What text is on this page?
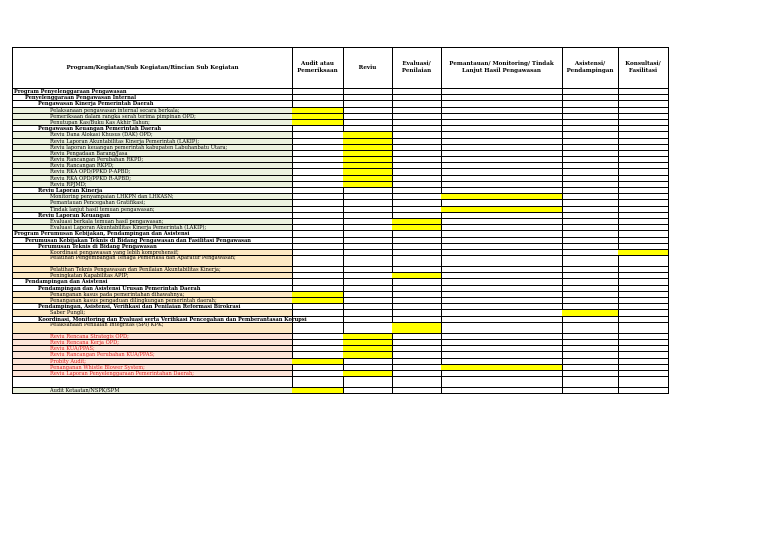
Program/Kegiatan/Sub Kegiatan/Rincian Sub Kegiatan
Audit atau
Pemeriksaan
Reviu
Evaluasi/
Penilaian
Pemantauan/ Monitoring/ Tindak
Lanjut Hasil Pengawasan
Asistensi/
Pendampingan
Konsultasi/
Fasilitasi
Program Penyelenggaraan Pengawasan
Penyelenggaraan Pengawasan Internal
Pengawasan Kinerja Pemerintah Daerah
Pelaksanaan pengawasan internal secara berkala;
Pemeriksaan dalam rangka serah terima pimpinan OPD;
Penutupan Kas/Buku Kas Akhir Tahun;
Pengawasan Keuangan Pemerintah Daerah
Reviu Dana Alokasi Khusus (DAK) OPD;
Reviu Laporan Akuntabilitas Kinerja Pemerintah (LAKIP);
Reviu laporan keuangan pemerintah kabupaten Labuhanbatu Utara;
Reviu Pengadaan Barang/Jasa
Reviu Rancangan Perubahan RKPD;
Reviu Rancangan RKPD;
Reviu RKA OPD/PPKD P-APBD;
Reviu RKA OPD/PPKD R-APBD;
Reviu RPJMD;
Reviu Laporan Kinerja
Monitoring penyampaian LHKPN dan LHKASN;
Pemantauan Pencegahan Gratifikasi;
Tindak lanjut hasil temuan pengawasan;
Reviu Laporan Keuangan
Evaluasi berkala temuan hasil pengawasan;
Evaluasi Laporan Akuntabilitas Kinerja Pemerintah (LAKIP);
Program Perumusan Kebijakan, Pendampingan dan Asistensi
Perumusan Kebijakan Teknis di Bidang Pengawasan dan Fasilitasi Pengawasan
Perumusan Teknis di Bidang Pengawasan
Koordinasi pengawasan yang lebih komprehensif;
Pelatihan Pengembangan Tenaga Pemeriksa dan Aparatur Pengawasan;
Pelatihan Teknis Pengawasan dan Penilaian Akuntabilitas Kinerja;
Peningkatan Kapabilitas APIP;
Pendampingan dan Asistensi
Pendampingan dan Asistensi Urusan Pemerintah Daerah
Penanganan kasus pada pemerintahan dihawahnya;
Penanganan kasus pengaduan dilingkungan pemerintah daerah;
Pendampingan, Asistensi, Verifikasi dan Penilaian Reformasi Birokrasi
Saber Pungli;
Koordinasi, Monitoring dan Evaluasi serta Verifikasi Pencegahan dan Pemberantasan Korupsi
Pelaksanaan Penilaian Integritas (SPI) KPK;
Reviu Rencana Strategis OPD;
Reviu Rencana Kerja OPD;
Reviu KUA/PPAS;
Reviu Rancangan Perubahan KUA/PPAS;
Probity Audit;
Penanganan Whistle Blower System;
Reviu Laporan Penyelenggaraan Pemerintahan Daerah;
Audit Ketaatan/NSPK/SPM
